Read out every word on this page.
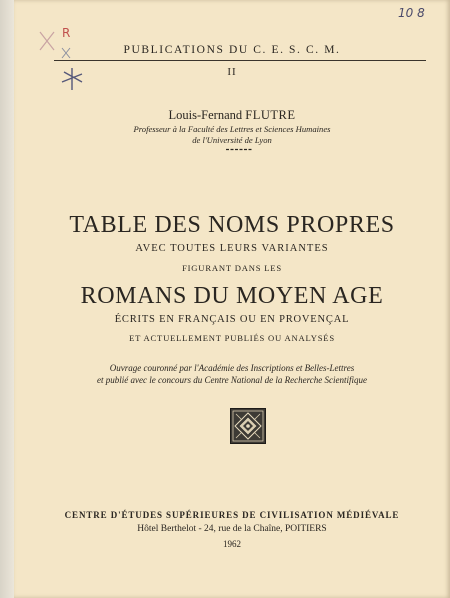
10 8
R
PUBLICATIONS DU C. E. S. C. M.
II
Louis-Fernand FLUTRE
Professeur à la Faculté des Lettres et Sciences Humaines
de l'Université de Lyon
TABLE DES NOMS PROPRES
AVEC TOUTES LEURS VARIANTES
FIGURANT DANS LES
ROMANS DU MOYEN AGE
ÉCRITS EN FRANÇAIS OU EN PROVENÇAL
ET ACTUELLEMENT PUBLIÉS OU ANALYSÉS
Ouvrage couronné par l'Académie des Inscriptions et Belles-Lettres
et publié avec le concours du Centre National de la Recherche Scientifique
CENTRE D'ÉTUDES SUPÉRIEURES DE CIVILISATION MÉDIÉVALE
Hôtel Berthelot - 24, rue de la Chaîne, POITIERS
1962
